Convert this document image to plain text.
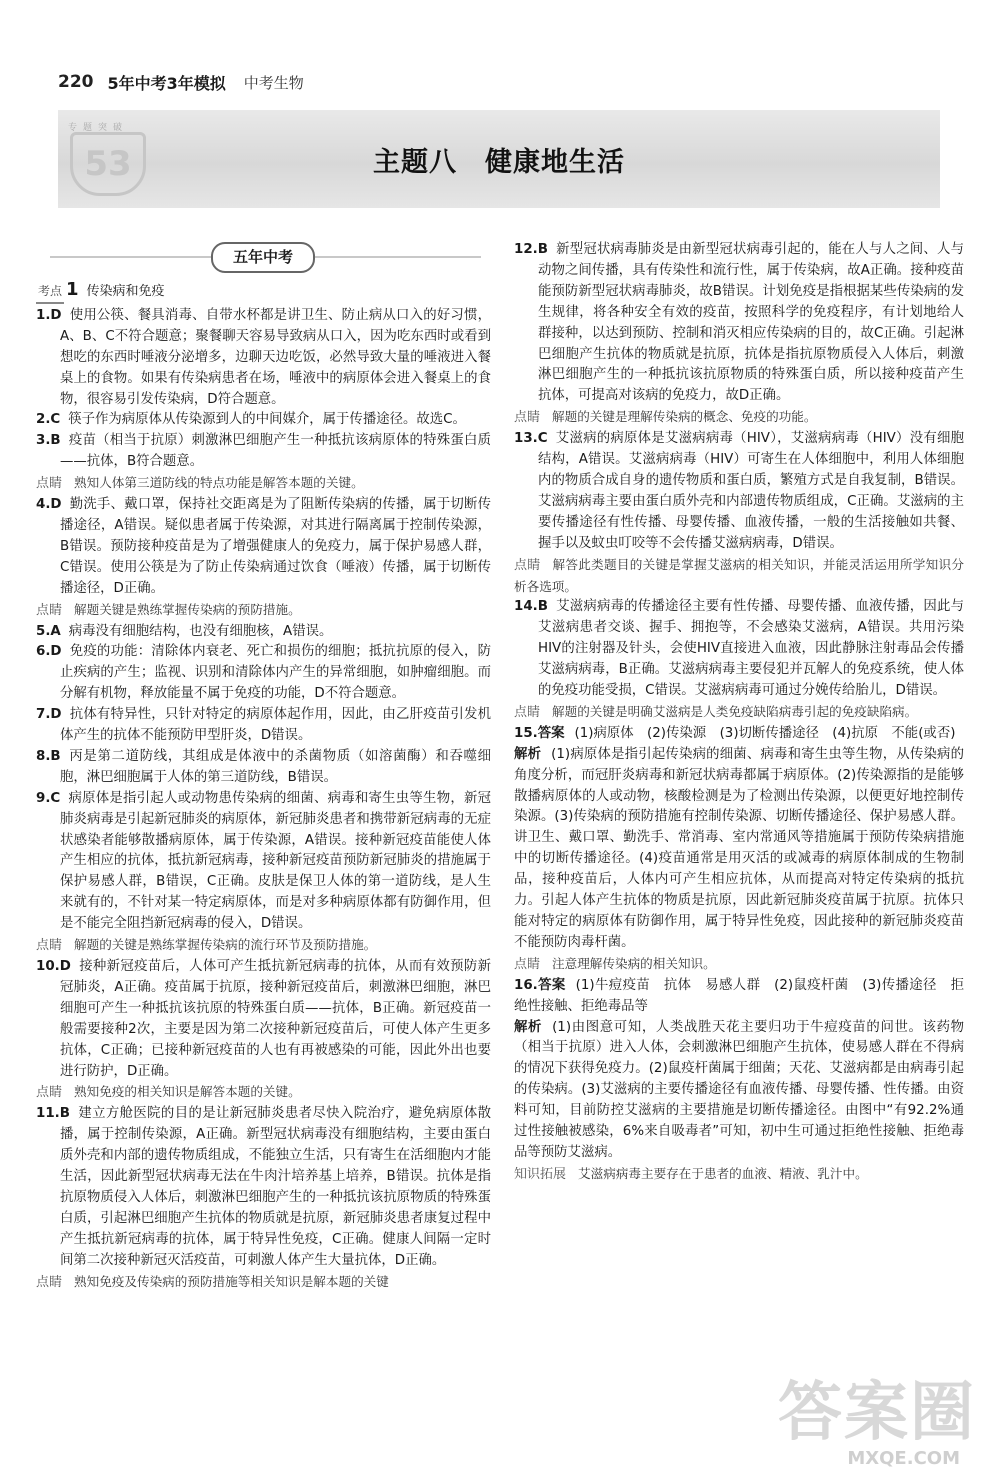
220 5年中考3年模拟 中考生物
专题突破
53	主题八　健康地生活
五年中考
考点 1 传染病和免疫

1.D 使用公筷、餐具消毒、自带水杯都是讲卫生、防止病从口入的好习惯，A、B、C不符合题意；聚餐聊天容易导致病从口入，因为吃东西时或看到想吃的东西时唾液分泌增多，边聊天边吃饭，必然导致大量的唾液进入餐桌上的食物。如果有传染病患者在场，唾液中的病原体会进入餐桌上的食物，很容易引发传染病，D符合题意。

2.C 筷子作为病原体从传染源到人的中间媒介，属于传播途径。故选C。

3.B 疫苗（相当于抗原）刺激淋巴细胞产生一种抵抗该病原体的特殊蛋白质——抗体，B符合题意。

点睛 熟知人体第三道防线的特点功能是解答本题的关键。

4.D 勤洗手、戴口罩，保持社交距离是为了阻断传染病的传播，属于切断传播途径，A错误。疑似患者属于传染源，对其进行隔离属于控制传染源，B错误。预防接种疫苗是为了增强健康人的免疫力，属于保护易感人群，C错误。使用公筷是为了防止传染病通过饮食（唾液）传播，属于切断传播途径，D正确。

点睛 解题关键是熟练掌握传染病的预防措施。

5.A 病毒没有细胞结构，也没有细胞核，A错误。

6.D 免疫的功能：清除体内衰老、死亡和损伤的细胞；抵抗抗原的侵入，防止疾病的产生；监视、识别和清除体内产生的异常细胞，如肿瘤细胞。而分解有机物，释放能量不属于免疫的功能，D不符合题意。

7.D 抗体有特异性，只针对特定的病原体起作用，因此，由乙肝疫苗引发机体产生的抗体不能预防甲型肝炎，D错误。

8.B 丙是第二道防线，其组成是体液中的杀菌物质（如溶菌酶）和吞噬细胞，淋巴细胞属于人体的第三道防线，B错误。

9.C 病原体是指引起人或动物患传染病的细菌、病毒和寄生虫等生物，新冠肺炎病毒是引起新冠肺炎的病原体，新冠肺炎患者和携带新冠病毒的无症状感染者能够散播病原体，属于传染源，A错误。接种新冠疫苗能使人体产生相应的抗体，抵抗新冠病毒，接种新冠疫苗预防新冠肺炎的措施属于保护易感人群，B错误，C正确。皮肤是保卫人体的第一道防线，是人生来就有的，不针对某一特定病原体，而是对多种病原体都有防御作用，但是不能完全阻挡新冠病毒的侵入，D错误。

点睛 解题的关键是熟练掌握传染病的流行环节及预防措施。

10.D 接种新冠疫苗后，人体可产生抵抗新冠病毒的抗体，从而有效预防新冠肺炎，A正确。疫苗属于抗原，接种新冠疫苗后，刺激淋巴细胞，淋巴细胞可产生一种抵抗该抗原的特殊蛋白质——抗体，B正确。新冠疫苗一般需要接种2次，主要是因为第二次接种新冠疫苗后，可使人体产生更多抗体，C正确；已接种新冠疫苗的人也有再被感染的可能，因此外出也要进行防护，D正确。

点睛 熟知免疫的相关知识是解答本题的关键。

11.B 建立方舱医院的目的是让新冠肺炎患者尽快入院治疗，避免病原体散播，属于控制传染源，A正确。新型冠状病毒没有细胞结构，主要由蛋白质外壳和内部的遗传物质组成，不能独立生活，只有寄生在活细胞内才能生活，因此新型冠状病毒无法在牛肉汁培养基上培养，B错误。抗体是指抗原物质侵入人体后，刺激淋巴细胞产生的一种抵抗该抗原物质的特殊蛋白质，引起淋巴细胞产生抗体的物质就是抗原，新冠肺炎患者康复过程中产生抵抗新冠病毒的抗体，属于特异性免疫，C正确。健康人间隔一定时间第二次接种新冠灭活疫苗，可刺激人体产生大量抗体，D正确。

点睛 熟知免疫及传染病的预防措施等相关知识是解本题的关键

12.B 新型冠状病毒肺炎是由新型冠状病毒引起的，能在人与人之间、人与动物之间传播，具有传染性和流行性，属于传染病，故A正确。接种疫苗能预防新型冠状病毒肺炎，故B错误。计划免疫是指根据某些传染病的发生规律，将各种安全有效的疫苗，按照科学的免疫程序，有计划地给人群接种，以达到预防、控制和消灭相应传染病的目的，故C正确。引起淋巴细胞产生抗体的物质就是抗原，抗体是指抗原物质侵入人体后，刺激淋巴细胞产生的一种抵抗该抗原物质的特殊蛋白质，所以接种疫苗产生抗体，可提高对该病的免疫力，故D正确。

点睛 解题的关键是理解传染病的概念、免疫的功能。

13.C 艾滋病的病原体是艾滋病病毒（HIV），艾滋病病毒（HIV）没有细胞结构，A错误。艾滋病病毒（HIV）可寄生在人体细胞中，利用人体细胞内的物质合成自身的遗传物质和蛋白质，繁殖方式是自我复制，B错误。艾滋病病毒主要由蛋白质外壳和内部遗传物质组成，C正确。艾滋病的主要传播途径有性传播、母婴传播、血液传播，一般的生活接触如共餐、握手以及蚊虫叮咬等不会传播艾滋病病毒，D错误。

点睛 解答此类题目的关键是掌握艾滋病的相关知识，并能灵活运用所学知识分析各选项。

14.B 艾滋病病毒的传播途径主要有性传播、母婴传播、血液传播，因此与艾滋病患者交谈、握手、拥抱等，不会感染艾滋病，A错误。共用污染HIV的注射器及针头，会使HIV直接进入血液，因此静脉注射毒品会传播艾滋病病毒，B正确。艾滋病病毒主要侵犯并瓦解人的免疫系统，使人体的免疫功能受损，C错误。艾滋病病毒可通过分娩传给胎儿，D错误。

点睛 解题的关键是明确艾滋病是人类免疫缺陷病毒引起的免疫缺陷病。

15.答案 (1)病原体　(2)传染源　(3)切断传播途径　(4)抗原　不能(或否)

解析 (1)病原体是指引起传染病的细菌、病毒和寄生虫等生物，从传染病的角度分析，而冠肝炎病毒和新冠状病毒都属于病原体。(2)传染源指的是能够散播病原体的人或动物，核酸检测是为了检测出传染源，以便更好地控制传染源。(3)传染病的预防措施有控制传染源、切断传播途径、保护易感人群。讲卫生、戴口罩、勤洗手、常消毒、室内常通风等措施属于预防传染病措施中的切断传播途径。(4)疫苗通常是用灭活的或减毒的病原体制成的生物制品，接种疫苗后，人体内可产生相应抗体，从而提高对特定传染病的抵抗力。引起人体产生抗体的物质是抗原，因此新冠肺炎疫苗属于抗原。抗体只能对特定的病原体有防御作用，属于特异性免疫，因此接种的新冠肺炎疫苗不能预防肉毒杆菌。

点睛 注意理解传染病的相关知识。

16.答案 (1)牛痘疫苗　抗体　易感人群　(2)鼠疫杆菌　(3)传播途径　拒绝性接触、拒绝毒品等

解析 (1)由图意可知，人类战胜天花主要归功于牛痘疫苗的问世。该药物（相当于抗原）进入人体，会刺激淋巴细胞产生抗体，使易感人群在不得病的情况下获得免疫力。(2)鼠疫杆菌属于细菌；天花、艾滋病都是由病毒引起的传染病。(3)艾滋病的主要传播途径有血液传播、母婴传播、性传播。由资料可知，目前防控艾滋病的主要措施是切断传播途径。由图中“有92.2%通过性接触被感染，6%来自吸毒者”可知，初中生可通过拒绝性接触、拒绝毒品等预防艾滋病。

知识拓展 艾滋病病毒主要存在于患者的血液、精液、乳汁中。

答案圈
MXQE.COM
